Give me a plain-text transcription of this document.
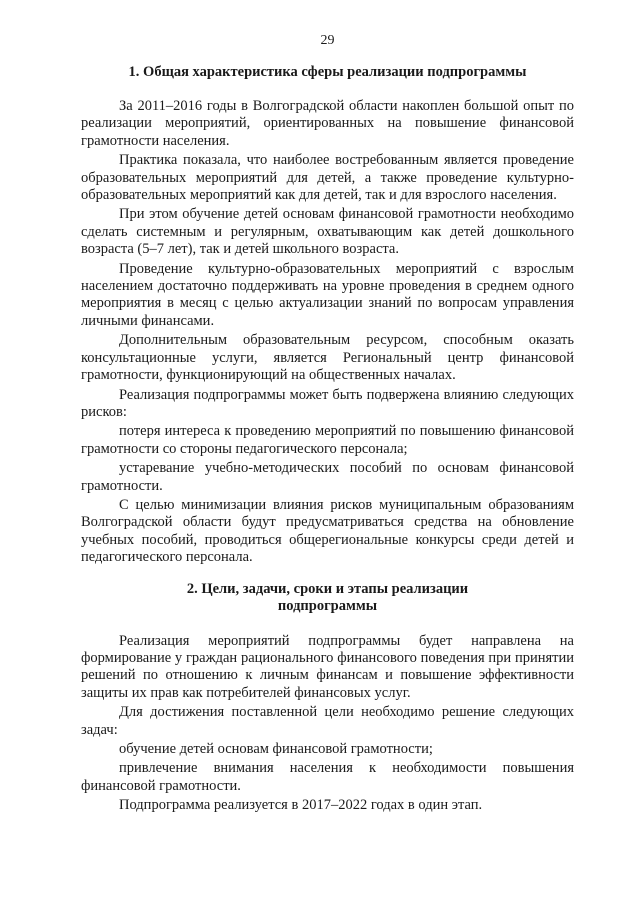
29
1. Общая характеристика сферы реализации подпрограммы

За 2011–2016 годы в Волгоградской области накоплен большой опыт по реализации мероприятий, ориентированных на повышение финансовой грамотности населения.

Практика показала, что наиболее востребованным является проведение образовательных мероприятий для детей, а также проведение культурно-образовательных мероприятий как для детей, так и для взрослого населения.

При этом обучение детей основам финансовой грамотности необходимо сделать системным и регулярным, охватывающим как детей дошкольного возраста (5–7 лет), так и детей школьного возраста.

Проведение культурно-образовательных мероприятий с взрослым населением достаточно поддерживать на уровне проведения в среднем одного мероприятия в месяц с целью актуализации знаний по вопросам управления личными финансами.

Дополнительным образовательным ресурсом, способным оказать консультационные услуги, является Региональный центр финансовой грамотности, функционирующий на общественных началах.

Реализация подпрограммы может быть подвержена влиянию следующих рисков:

потеря интереса к проведению мероприятий по повышению финансовой грамотности со стороны педагогического персонала;

устаревание учебно-методических пособий по основам финансовой грамотности.

С целью минимизации влияния рисков муниципальным образованиям Волгоградской области будут предусматриваться средства на обновление учебных пособий, проводиться общерегиональные конкурсы среди детей и педагогического персонала.

2. Цели, задачи, сроки и этапы реализации
подпрограммы

Реализация мероприятий подпрограммы будет направлена на формирование у граждан рационального финансового поведения при принятии решений по отношению к личным финансам и повышение эффективности защиты их прав как потребителей финансовых услуг.

Для достижения поставленной цели необходимо решение следующих задач:

обучение детей основам финансовой грамотности;

привлечение внимания населения к необходимости повышения финансовой грамотности.

Подпрограмма реализуется в 2017–2022 годах в один этап.
